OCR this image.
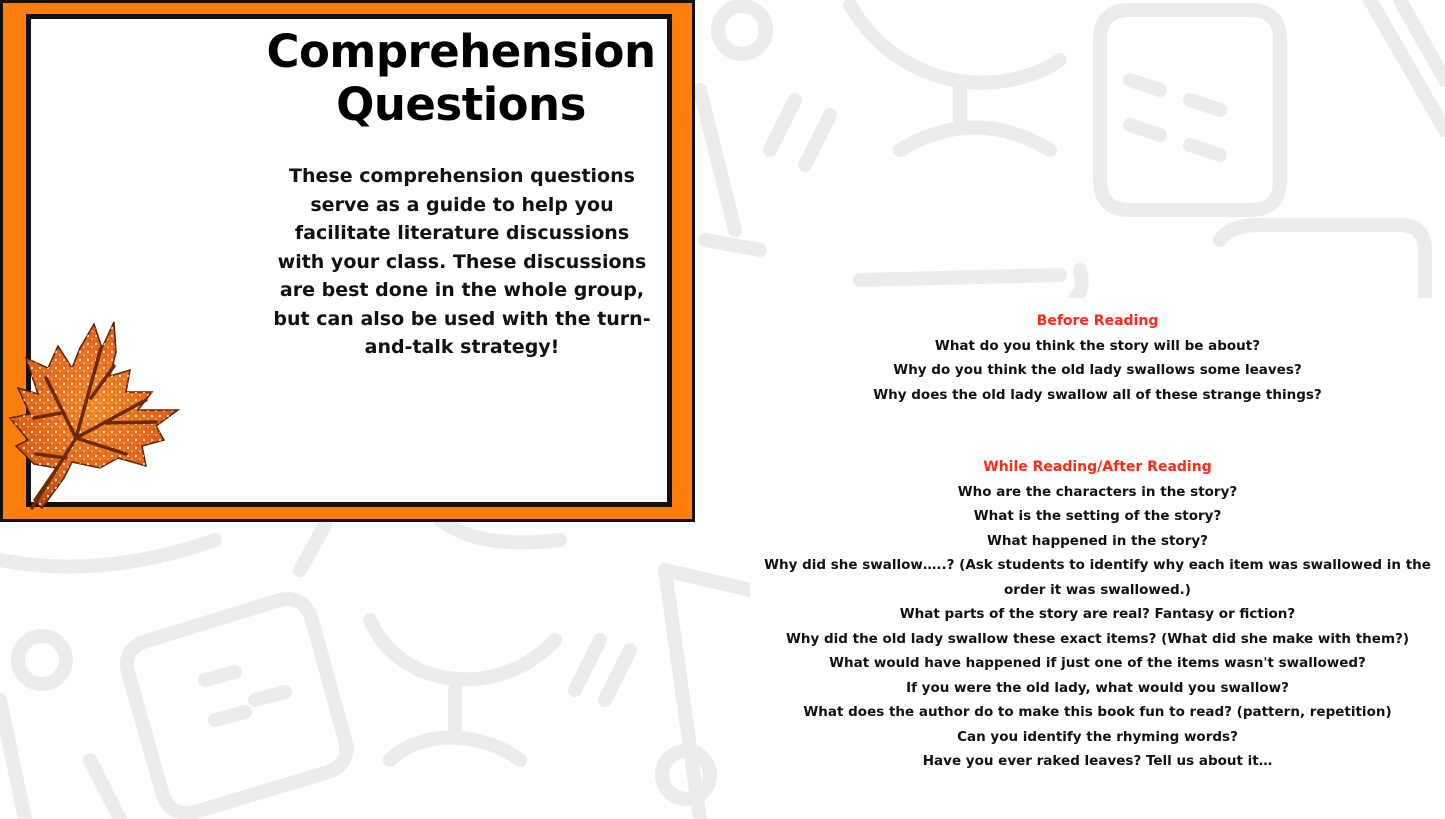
Comprehension
Questions

These comprehension questions serve as a guide to help you facilitate literature discussions with your class. These discussions are best done in the whole group, but can also be used with the turn-and-talk strategy!

Before Reading
What do you think the story will be about?
Why do you think the old lady swallows some leaves?
Why does the old lady swallow all of these strange things?
While Reading/After Reading
Who are the characters in the story?
What is the setting of the story?
What happened in the story?
Why did she swallow…..? (Ask students to identify why each item was swallowed in the order it was swallowed.)
What parts of the story are real? Fantasy or fiction?
Why did the old lady swallow these exact items? (What did she make with them?)
What would have happened if just one of the items wasn't swallowed?
If you were the old lady, what would you swallow?
What does the author do to make this book fun to read? (pattern, repetition)
Can you identify the rhyming words?
Have you ever raked leaves? Tell us about it…
